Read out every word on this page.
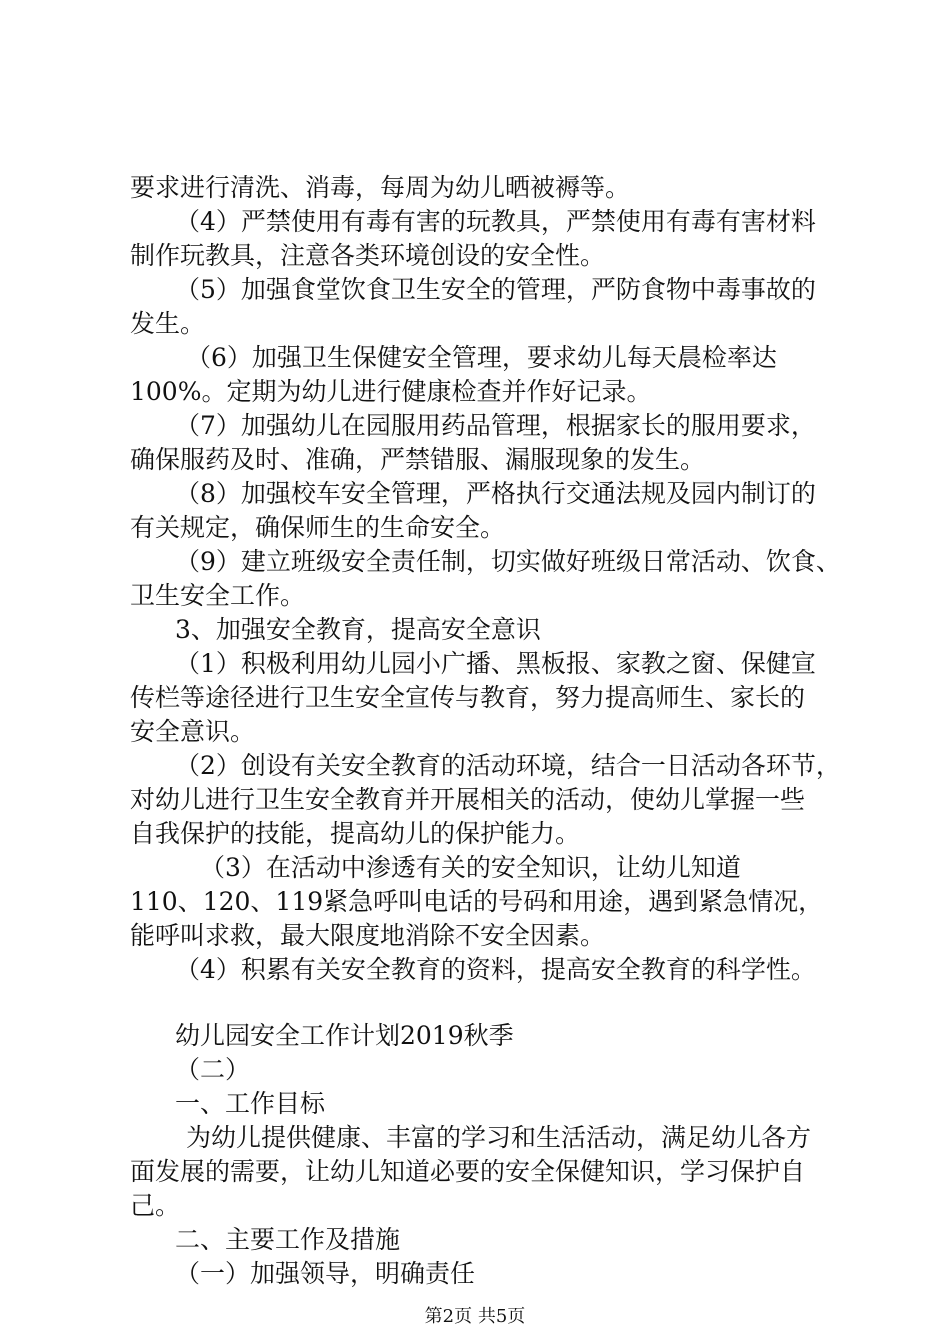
要求进行清洗、消毒，每周为幼儿晒被褥等。
（4）严禁使用有毒有害的玩教具，严禁使用有毒有害材料
制作玩教具，注意各类环境创设的安全性。
（5）加强食堂饮食卫生安全的管理，严防食物中毒事故的
发生。
（6）加强卫生保健安全管理，要求幼儿每天晨检率达
100%。定期为幼儿进行健康检查并作好记录。
（7）加强幼儿在园服用药品管理，根据家长的服用要求，
确保服药及时、准确，严禁错服、漏服现象的发生。
（8）加强校车安全管理，严格执行交通法规及园内制订的
有关规定，确保师生的生命安全。
（9）建立班级安全责任制，切实做好班级日常活动、饮食、
卫生安全工作。
3、加强安全教育，提高安全意识
（1）积极利用幼儿园小广播、黑板报、家教之窗、保健宣
传栏等途径进行卫生安全宣传与教育，努力提高师生、家长的
安全意识。
（2）创设有关安全教育的活动环境，结合一日活动各环节，
对幼儿进行卫生安全教育并开展相关的活动，使幼儿掌握一些
自我保护的技能，提高幼儿的保护能力。
（3）在活动中渗透有关的安全知识，让幼儿知道
110、120、119紧急呼叫电话的号码和用途，遇到紧急情况，
能呼叫求救，最大限度地消除不安全因素。
（4）积累有关安全教育的资料，提高安全教育的科学性。
幼儿园安全工作计划2019秋季
（二）
一、工作目标
为幼儿提供健康、丰富的学习和生活活动，满足幼儿各方
面发展的需要，让幼儿知道必要的安全保健知识，学习保护自
己。
二、主要工作及措施
（一）加强领导，明确责任
第2页 共5页
